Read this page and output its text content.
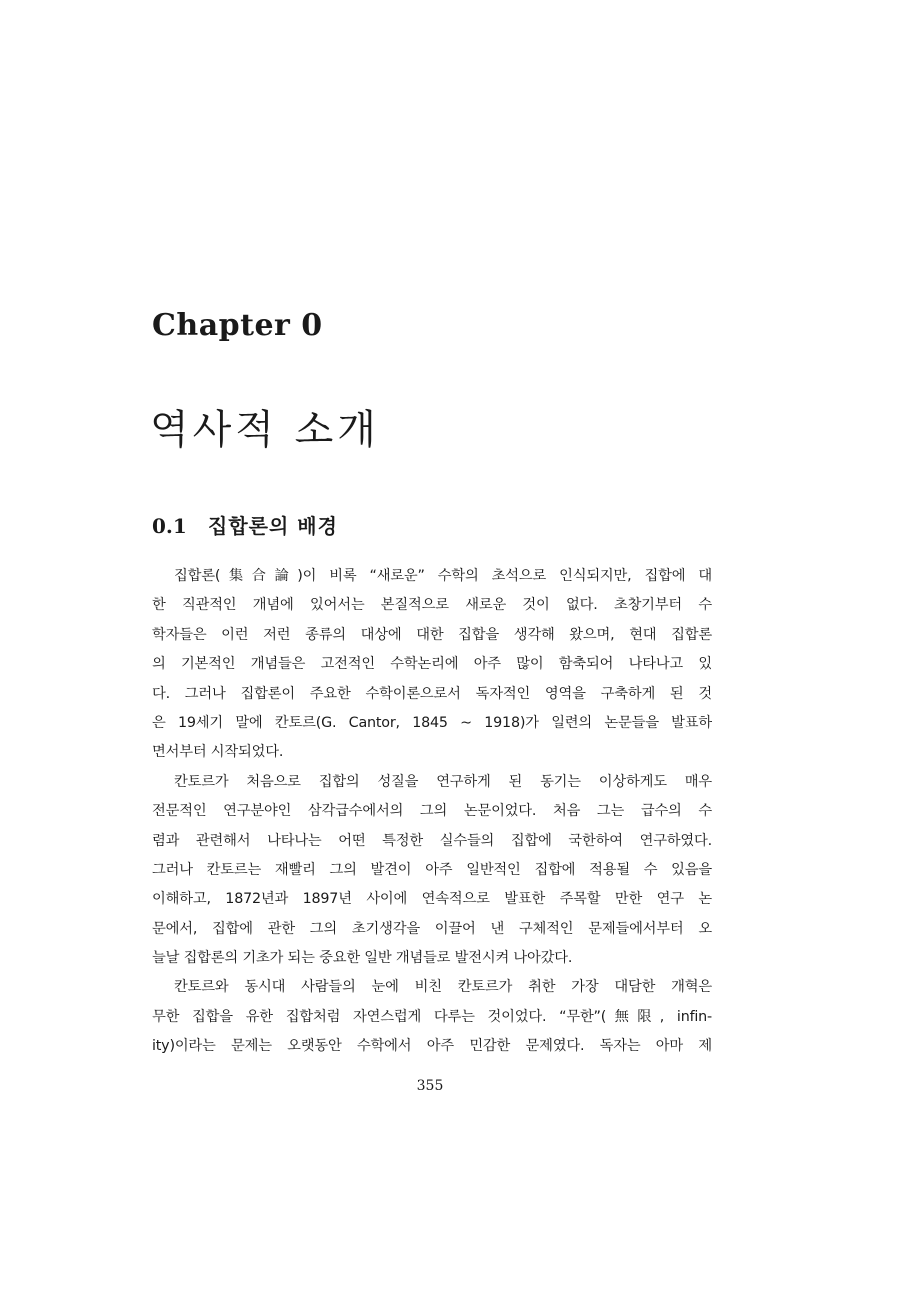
Chapter 0
역사적 소개
0.1 집합론의 배경
집합론(集合論)이 비록 “새로운” 수학의 초석으로 인식되지만, 집합에 대
한 직관적인 개념에 있어서는 본질적으로 새로운 것이 없다. 초창기부터 수
학자들은 이런 저런 종류의 대상에 대한 집합을 생각해 왔으며, 현대 집합론
의 기본적인 개념들은 고전적인 수학논리에 아주 많이 함축되어 나타나고 있
다. 그러나 집합론이 주요한 수학이론으로서 독자적인 영역을 구축하게 된 것
은 19세기 말에 칸토르(G. Cantor, 1845 ∼ 1918)가 일련의 논문들을 발표하
면서부터 시작되었다.
칸토르가 처음으로 집합의 성질을 연구하게 된 동기는 이상하게도 매우
전문적인 연구분야인 삼각급수에서의 그의 논문이었다. 처음 그는 급수의 수
렴과 관련해서 나타나는 어떤 특정한 실수들의 집합에 국한하여 연구하였다.
그러나 칸토르는 재빨리 그의 발견이 아주 일반적인 집합에 적용될 수 있음을
이해하고, 1872년과 1897년 사이에 연속적으로 발표한 주목할 만한 연구 논
문에서, 집합에 관한 그의 초기생각을 이끌어 낸 구체적인 문제들에서부터 오
늘날 집합론의 기초가 되는 중요한 일반 개념들로 발전시켜 나아갔다.
칸토르와 동시대 사람들의 눈에 비친 칸토르가 취한 가장 대담한 개혁은
무한 집합을 유한 집합처럼 자연스럽게 다루는 것이었다. “무한”(無限, infin-
ity)이라는 문제는 오랫동안 수학에서 아주 민감한 문제였다. 독자는 아마 제
355
